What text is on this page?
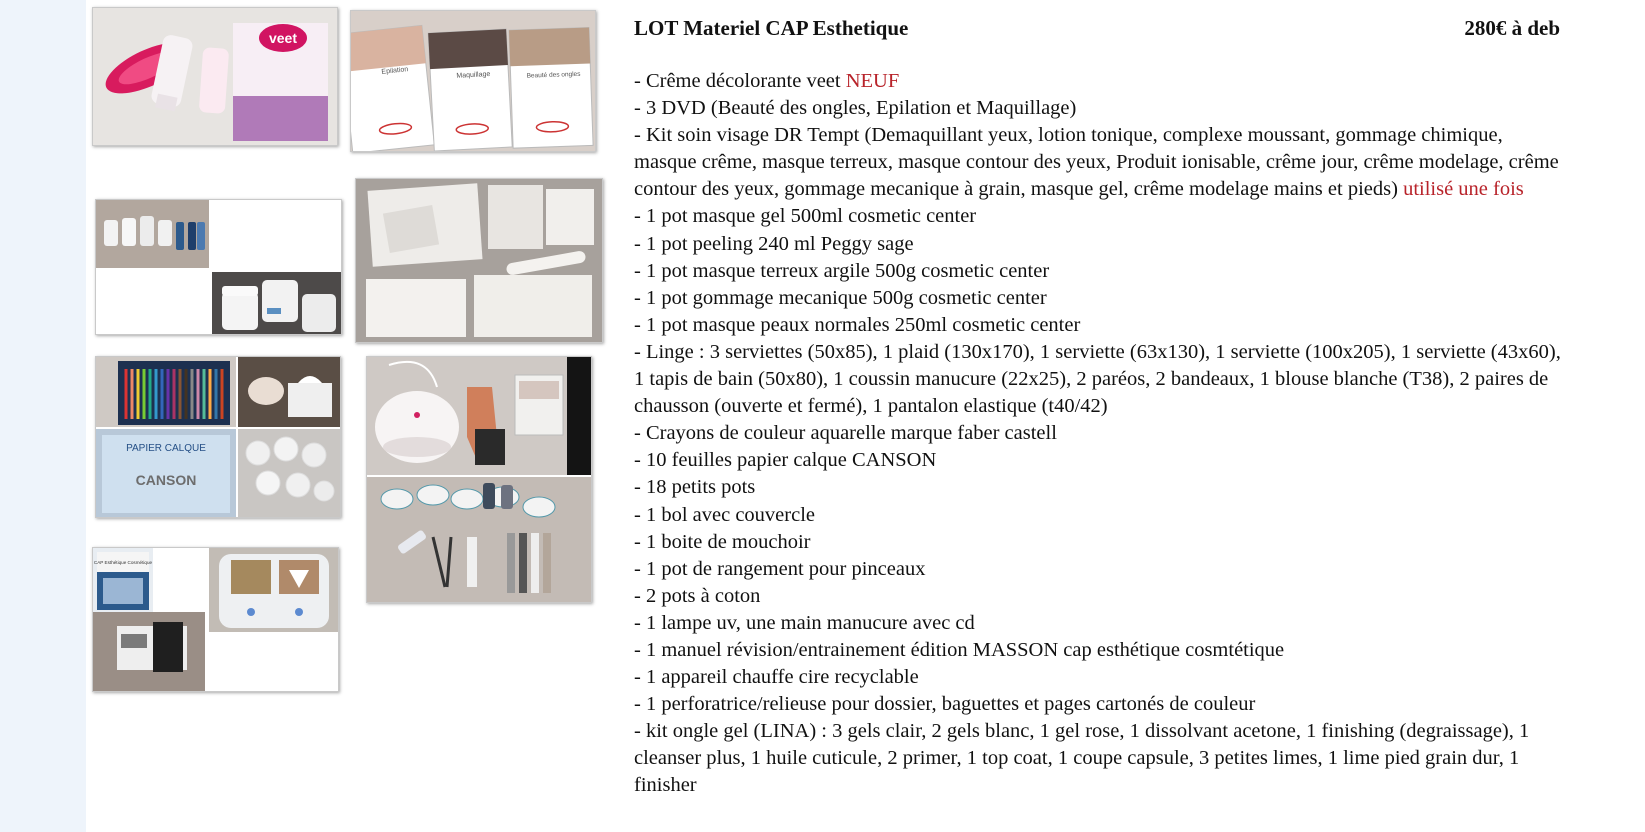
veet
Epilation	Maquillage	Beauté des ongles
PAPIER CALQUE
CANSON
CAP Esthétique Cosmétique
LOT Materiel CAP Esthetique	280€ à deb

- Crême décolorante veet NEUF

- 3 DVD (Beauté des ongles, Epilation et Maquillage)

- Kit soin visage DR Tempt (Demaquillant yeux, lotion tonique, complexe moussant, gommage chimique, masque crême, masque terreux, masque contour des yeux, Produit ionisable, crême jour, crême modelage, crême contour des yeux, gommage mecanique à grain, masque gel, crême modelage mains et pieds) utilisé une fois

- 1 pot masque gel 500ml cosmetic center

- 1 pot peeling 240 ml Peggy sage

- 1 pot masque terreux argile 500g cosmetic center

- 1 pot gommage mecanique 500g cosmetic center

- 1 pot masque peaux normales 250ml cosmetic center

- Linge : 3 serviettes (50x85), 1 plaid (130x170), 1 serviette (63x130), 1 serviette (100x205), 1 serviette (43x60), 1 tapis de bain (50x80), 1 coussin manucure (22x25), 2 paréos, 2 bandeaux, 1 blouse blanche (T38), 2 paires de chausson (ouverte et fermé), 1 pantalon elastique (t40/42)

- Crayons de couleur aquarelle marque faber castell

- 10 feuilles papier calque CANSON

- 18 petits pots

- 1 bol avec couvercle

- 1 boite de mouchoir

- 1 pot de rangement pour pinceaux

- 2 pots à coton

- 1 lampe uv, une main manucure avec cd

- 1 manuel révision/entrainement édition MASSON cap esthétique cosmtétique

- 1 appareil chauffe cire recyclable

- 1 perforatrice/relieuse pour dossier, baguettes et pages cartonés de couleur

- kit ongle gel (LINA) : 3 gels clair, 2 gels blanc, 1 gel rose, 1 dissolvant acetone, 1 finishing (degraissage), 1 cleanser plus, 1 huile cuticule, 2 primer, 1 top coat, 1 coupe capsule, 3 petites limes, 1 lime pied grain dur, 1 finisher
